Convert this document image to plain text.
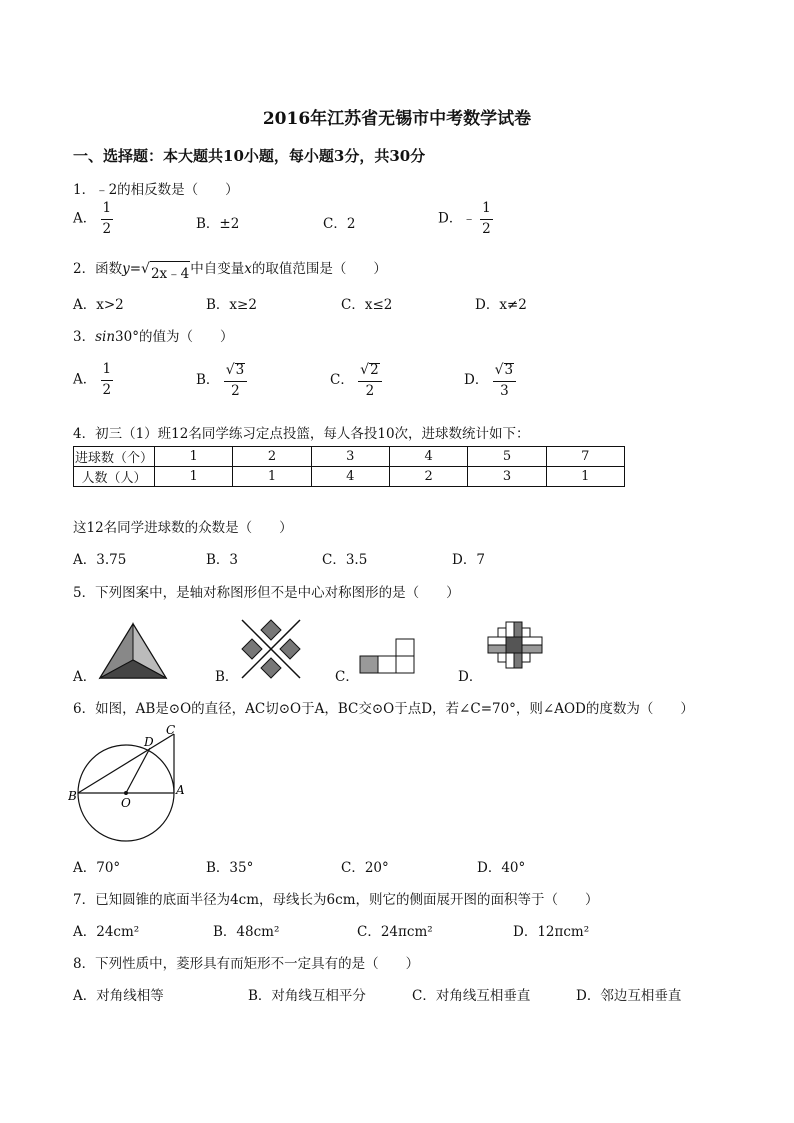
2016年江苏省无锡市中考数学试卷
一、选择题：本大题共10小题，每小题3分，共30分
1．﹣2的相反数是（　　）
A． $\frac{1}{2}$	B．±2	C．2	D．﹣ $\frac{1}{2}$
2．函数y= √ 2x﹣4 中自变量x的取值范围是（　　）
A．x>2	B．x≥2	C．x≤2	D．x≠2
3．sin30°的值为（　　）
A． $\frac{1}{2}$	B． $\frac{√ 3}{2}$	C． $\frac{√ 2}{2}$	D． $\frac{√ 3}{3}$
4．初三（1）班12名同学练习定点投篮，每人各投10次，进球数统计如下：
进球数（个）	1	2	3	4	5	7
人数（人）	1	1	4	2	3	1
这12名同学进球数的众数是（　　）
A．3.75	B．3	C．3.5	D．7
5．下列图案中，是轴对称图形但不是中心对称图形的是（　　）
A．	B．	C．	D．
6．如图，AB是⊙O的直径，AC切⊙O于A，BC交⊙O于点D，若∠C=70°，则∠AOD的度数为（　　）
B	O
A
C
D
A．70°	B．35°	C．20°	D．40°
7．已知圆锥的底面半径为4cm，母线长为6cm，则它的侧面展开图的面积等于（　　）
A．24cm²	B．48cm²	C．24πcm²	D．12πcm²
8．下列性质中，菱形具有而矩形不一定具有的是（　　）
A．对角线相等	B．对角线互相平分	C．对角线互相垂直	D．邻边互相垂直
